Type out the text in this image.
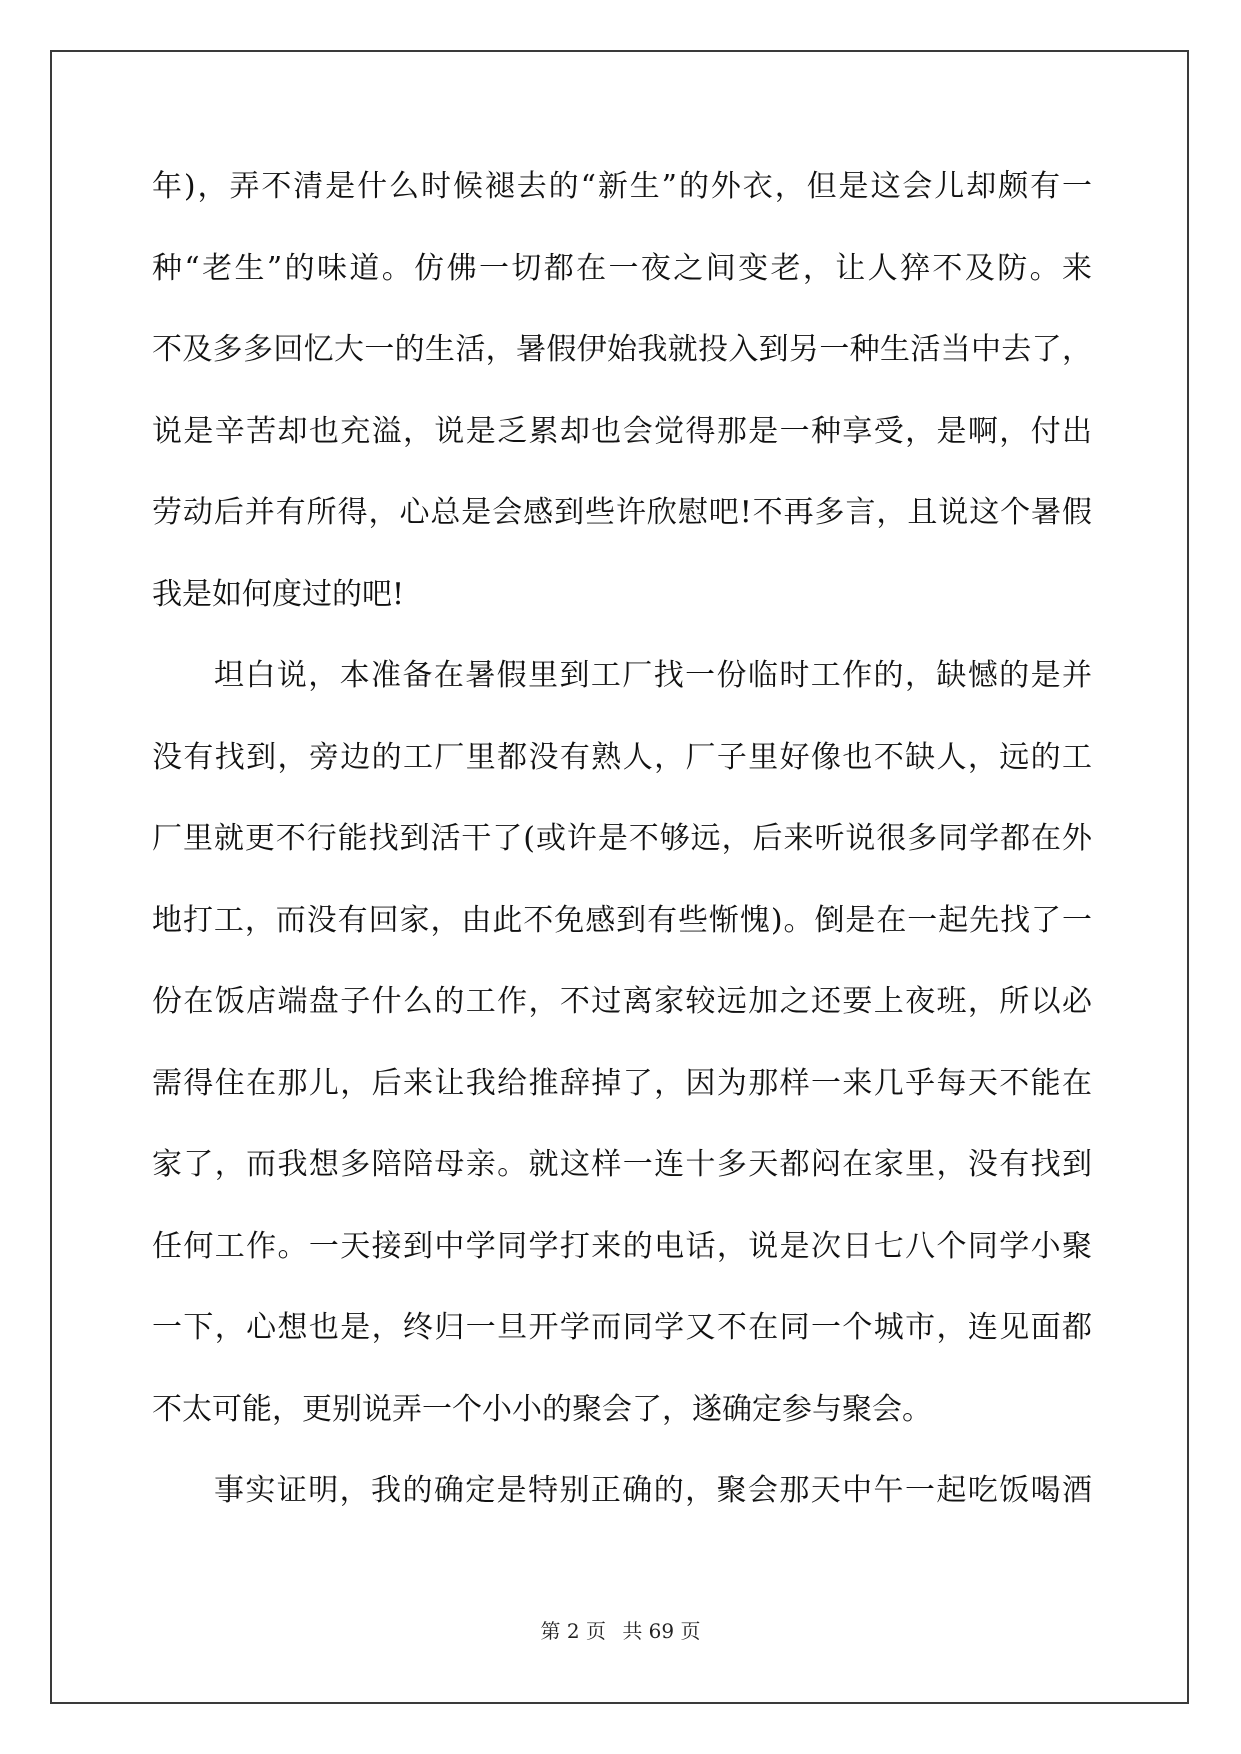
年)，弄不清是什么时候褪去的“新生”的外衣，但是这会儿却颇有一
种“老生”的味道。仿佛一切都在一夜之间变老，让人猝不及防。来
不及多多回忆大一的生活，暑假伊始我就投入到另一种生活当中去了，
说是辛苦却也充溢，说是乏累却也会觉得那是一种享受，是啊，付出
劳动后并有所得，心总是会感到些许欣慰吧!不再多言，且说这个暑假
我是如何度过的吧!
坦白说，本准备在暑假里到工厂找一份临时工作的，缺憾的是并
没有找到，旁边的工厂里都没有熟人，厂子里好像也不缺人，远的工
厂里就更不行能找到活干了(或许是不够远，后来听说很多同学都在外
地打工，而没有回家，由此不免感到有些惭愧)。倒是在一起先找了一
份在饭店端盘子什么的工作，不过离家较远加之还要上夜班，所以必
需得住在那儿，后来让我给推辞掉了，因为那样一来几乎每天不能在
家了，而我想多陪陪母亲。就这样一连十多天都闷在家里，没有找到
任何工作。一天接到中学同学打来的电话，说是次日七八个同学小聚
一下，心想也是，终归一旦开学而同学又不在同一个城市，连见面都
不太可能，更别说弄一个小小的聚会了，遂确定参与聚会。
事实证明，我的确定是特别正确的，聚会那天中午一起吃饭喝酒
第 2 页 共 69 页
